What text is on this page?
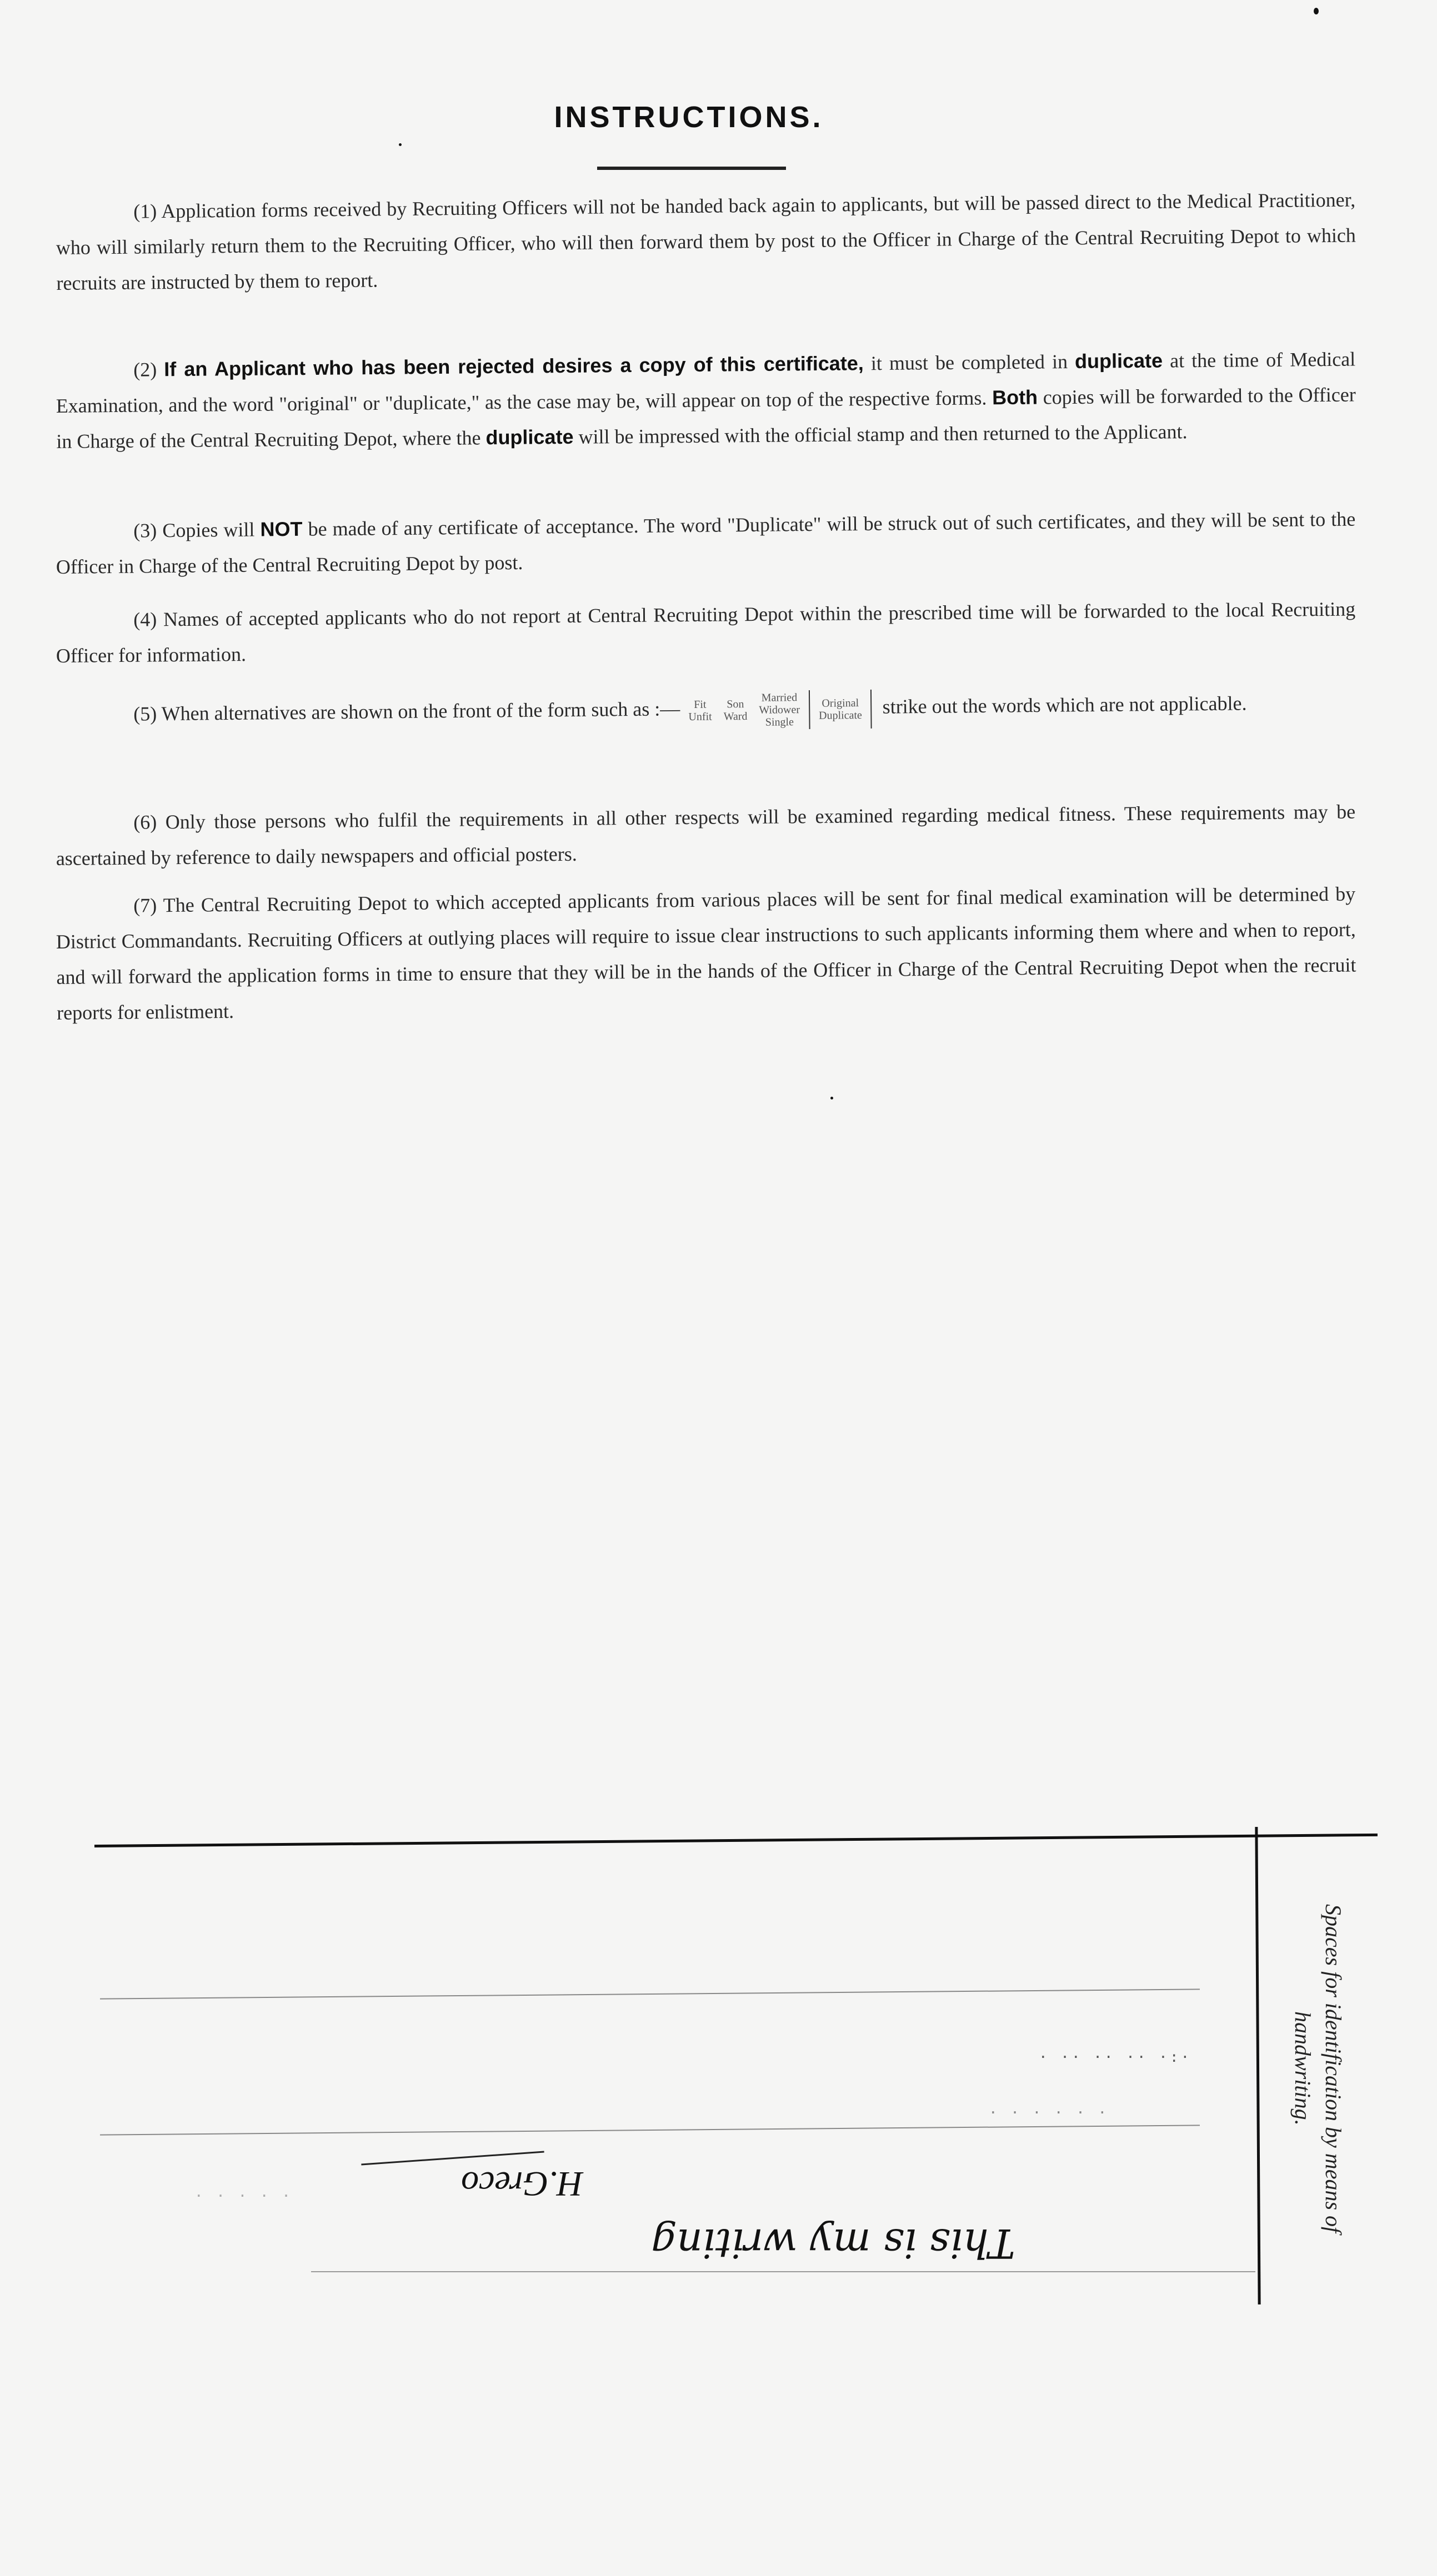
INSTRUCTIONS.

(1) Application forms received by Recruiting Officers will not be handed back again to applicants, but will be passed direct to the Medical Practitioner, who will similarly return them to the Recruiting Officer, who will then forward them by post to the Officer in Charge of the Central Recruiting Depot to which recruits are instructed by them to report.

(2) If an Applicant who has been rejected desires a copy of this certificate, it must be completed in duplicate at the time of Medical Examination, and the word "original" or "duplicate," as the case may be, will appear on top of the respective forms. Both copies will be forwarded to the Officer in Charge of the Central Recruiting Depot, where the duplicate will be impressed with the official stamp and then returned to the Applicant.

(3) Copies will NOT be made of any certificate of acceptance. The word "Duplicate" will be struck out of such certificates, and they will be sent to the Officer in Charge of the Central Recruiting Depot by post.

(4) Names of accepted applicants who do not report at Central Recruiting Depot within the prescribed time will be forwarded to the local Recruiting Officer for information.

(5) When alternatives are shown on the front of the form such as :— Fit
Unfit Son
Ward Married
Widower
SingleOriginal
Duplicate strike out the words which are not applicable.

(6) Only those persons who fulfil the requirements in all other respects will be examined regarding medical fitness. These requirements may be ascertained by reference to daily newspapers and official posters.

(7) The Central Recruiting Depot to which accepted applicants from various places will be sent for final medical examination will be determined by District Commandants. Recruiting Officers at outlying places will require to issue clear instructions to such applicants informing them where and when to report, and will forward the application forms in time to ensure that they will be in the hands of the Officer in Charge of the Central Recruiting Depot when the recruit reports for enlistment.

· ·· ·· ·· ·:·
· · · · · ·
· · · · ·	Spaces for identification by means of handwriting.
H.Greco
This is my writing
